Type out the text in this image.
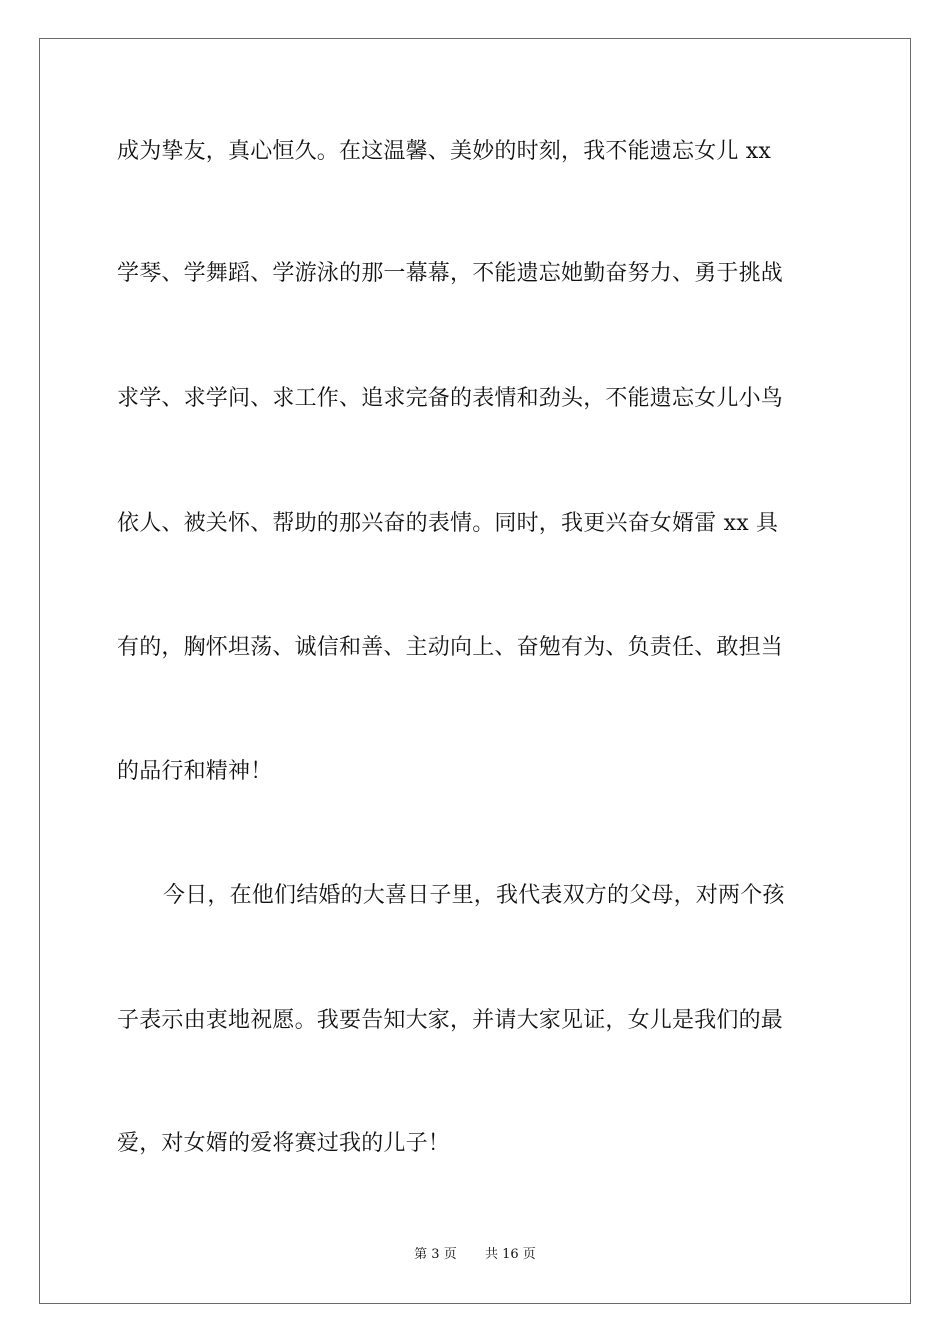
成为挚友，真心恒久。在这温馨、美妙的时刻，我不能遗忘女儿 xx
学琴、学舞蹈、学游泳的那一幕幕，不能遗忘她勤奋努力、勇于挑战
求学、求学问、求工作、追求完备的表情和劲头，不能遗忘女儿小鸟
依人、被关怀、帮助的那兴奋的表情。同时，我更兴奋女婿雷 xx 具
有的，胸怀坦荡、诚信和善、主动向上、奋勉有为、负责任、敢担当
的品行和精神！
今日，在他们结婚的大喜日子里，我代表双方的父母，对两个孩
子表示由衷地祝愿。我要告知大家，并请大家见证，女儿是我们的最
爱，对女婿的爱将赛过我的儿子！
第 3 页 共 16 页
